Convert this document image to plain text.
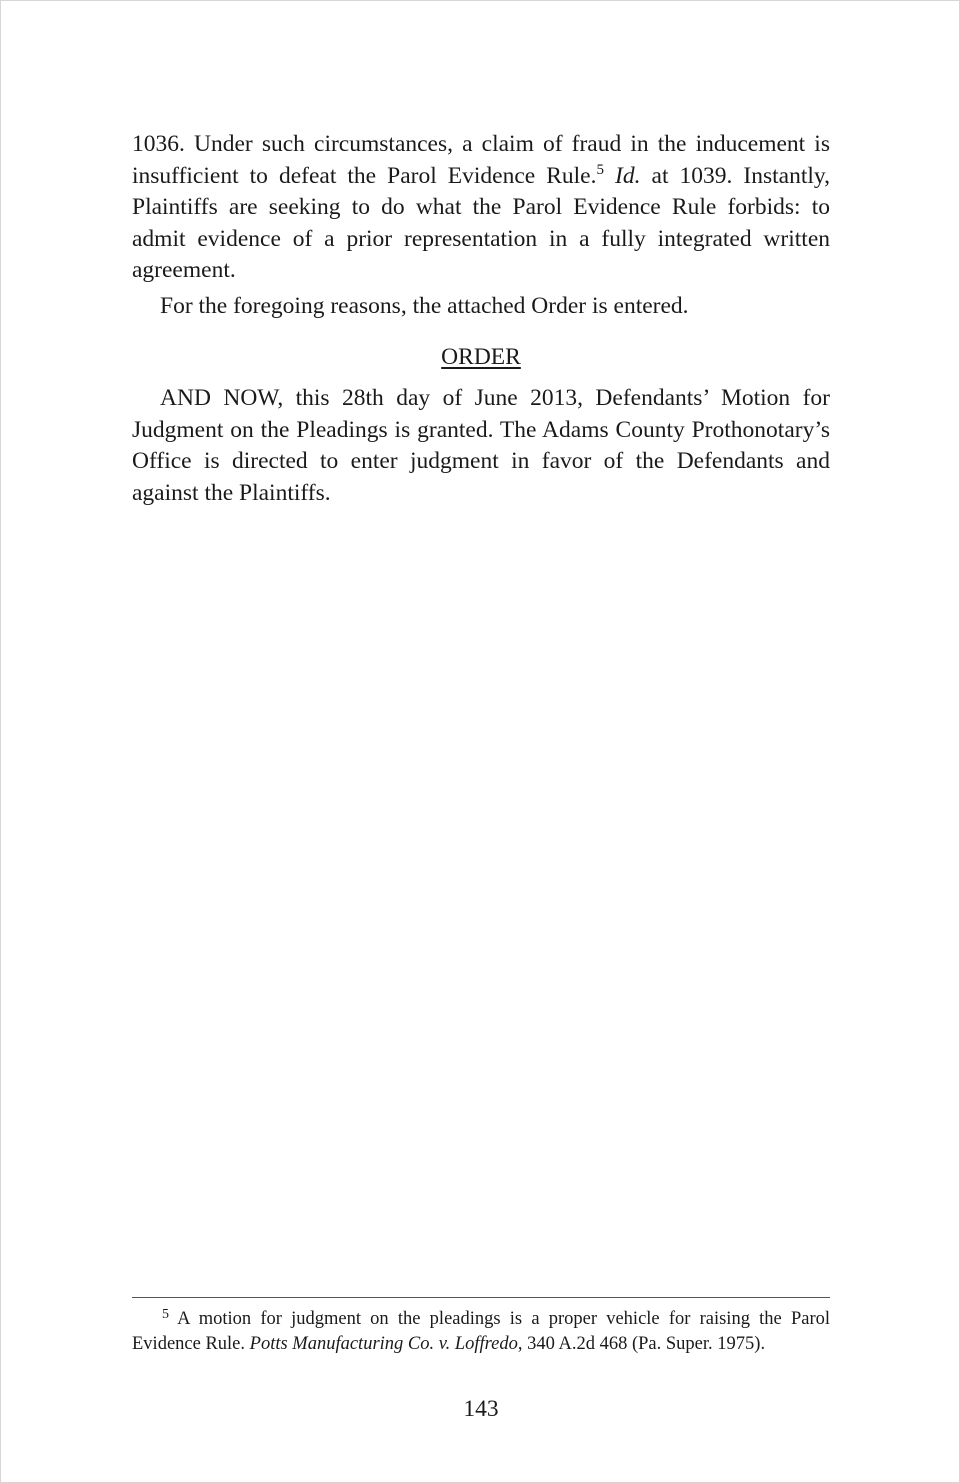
1036. Under such circumstances, a claim of fraud in the inducement is insufficient to defeat the Parol Evidence Rule.$^5$ Id. at 1039. Instantly, Plaintiffs are seeking to do what the Parol Evidence Rule forbids: to admit evidence of a prior representation in a fully integrated written agreement.

For the foregoing reasons, the attached Order is entered.

ORDER

AND NOW, this 28th day of June 2013, Defendants’ Motion for Judgment on the Pleadings is granted. The Adams County Prothonotary’s Office is directed to enter judgment in favor of the Defendants and against the Plaintiffs.

$^5$ A motion for judgment on the pleadings is a proper vehicle for raising the Parol Evidence Rule. Potts Manufacturing Co. v. Loffredo, 340 A.2d 468 (Pa. Super. 1975).

143
